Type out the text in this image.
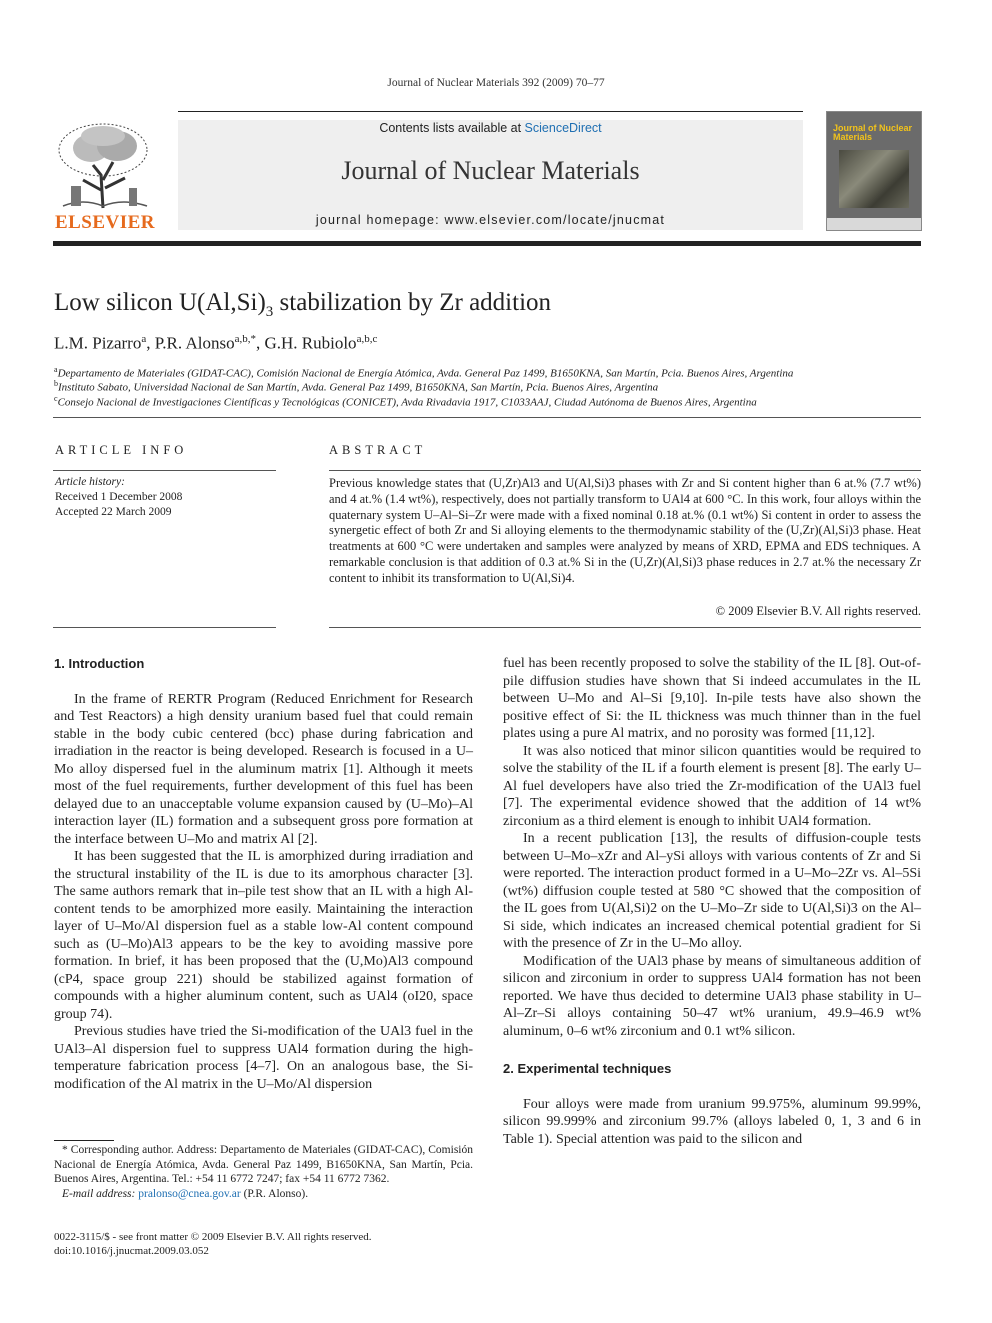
Journal of Nuclear Materials 392 (2009) 70–77
ELSEVIER
Contents lists available at ScienceDirect
Journal of Nuclear Materials
journal homepage: www.elsevier.com/locate/jnucmat
Journal of Nuclear Materials
Low silicon $U(Al,Si)_3$ stabilization by Zr addition
L.M. Pizarro$^a$, P.R. Alonso$^{a,b,*}$, G.H. Rubiolo$^{a,b,c}$
$^a$Departamento de Materiales (GIDAT-CAC), Comisión Nacional de Energía Atómica, Avda. General Paz 1499, B1650KNA, San Martín, Pcia. Buenos Aires, Argentina
$^b$Instituto Sabato, Universidad Nacional de San Martín, Avda. General Paz 1499, B1650KNA, San Martín, Pcia. Buenos Aires, Argentina
$^c$Consejo Nacional de Investigaciones Científicas y Tecnológicas (CONICET), Avda Rivadavia 1917, C1033AAJ, Ciudad Autónoma de Buenos Aires, Argentina
ARTICLE INFO
Article history:
Received 1 December 2008
Accepted 22 March 2009
ABSTRACT
Previous knowledge states that (U,Zr)Al3 and U(Al,Si)3 phases with Zr and Si content higher than 6 at.% (7.7 wt%) and 4 at.% (1.4 wt%), respectively, does not partially transform to UAl4 at 600 °C. In this work, four alloys within the quaternary system U–Al–Si–Zr were made with a fixed nominal 0.18 at.% (0.1 wt%) Si content in order to assess the synergetic effect of both Zr and Si alloying elements to the thermodynamic stability of the (U,Zr)(Al,Si)3 phase. Heat treatments at 600 °C were undertaken and samples were analyzed by means of XRD, EPMA and EDS techniques. A remarkable conclusion is that addition of 0.3 at.% Si in the (U,Zr)(Al,Si)3 phase reduces in 2.7 at.% the necessary Zr content to inhibit its transformation to U(Al,Si)4.
© 2009 Elsevier B.V. All rights reserved.
1. Introduction

In the frame of RERTR Program (Reduced Enrichment for Research and Test Reactors) a high density uranium based fuel that could remain stable in the body cubic centered (bcc) phase during fabrication and irradiation in the reactor is being developed. Research is focused in a U–Mo alloy dispersed fuel in the aluminum matrix [1]. Although it meets most of the fuel requirements, further development of this fuel has been delayed due to an unacceptable volume expansion caused by (U–Mo)–Al interaction layer (IL) formation and a subsequent gross pore formation at the interface between U–Mo and matrix Al [2].

It has been suggested that the IL is amorphized during irradiation and the structural instability of the IL is due to its amorphous character [3]. The same authors remark that in–pile test show that an IL with a high Al-content tends to be amorphized more easily. Maintaining the interaction layer of U–Mo/Al dispersion fuel as a stable low-Al content compound such as (U–Mo)Al3 appears to be the key to avoiding massive pore formation. In brief, it has been proposed that the (U,Mo)Al3 compound (cP4, space group 221) should be stabilized against formation of compounds with a higher aluminum content, such as UAl4 (oI20, space group 74).

Previous studies have tried the Si-modification of the UAl3 fuel in the UAl3–Al dispersion fuel to suppress UAl4 formation during the high-temperature fabrication process [4–7]. On an analogous base, the Si-modification of the Al matrix in the U–Mo/Al dispersion

* Corresponding author. Address: Departamento de Materiales (GIDAT-CAC), Comisión Nacional de Energía Atómica, Avda. General Paz 1499, B1650KNA, San Martín, Pcia. Buenos Aires, Argentina. Tel.: +54 11 6772 7247; fax +54 11 6772 7362.
E-mail address: pralonso@cnea.gov.ar (P.R. Alonso).
0022-3115/$ - see front matter © 2009 Elsevier B.V. All rights reserved.
doi:10.1016/j.jnucmat.2009.03.052

fuel has been recently proposed to solve the stability of the IL [8]. Out-of-pile diffusion studies have shown that Si indeed accumulates in the IL between U–Mo and Al–Si [9,10]. In-pile tests have also shown the positive effect of Si: the IL thickness was much thinner than in the fuel plates using a pure Al matrix, and no porosity was formed [11,12].

It was also noticed that minor silicon quantities would be required to solve the stability of the IL if a fourth element is present [8]. The early U–Al fuel developers have also tried the Zr-modification of the UAl3 fuel [7]. The experimental evidence showed that the addition of 14 wt% zirconium as a third element is enough to inhibit UAl4 formation.

In a recent publication [13], the results of diffusion-couple tests between U–Mo–xZr and Al–ySi alloys with various contents of Zr and Si were reported. The interaction product formed in a U–Mo–2Zr vs. Al–5Si (wt%) diffusion couple tested at 580 °C showed that the composition of the IL goes from U(Al,Si)2 on the U–Mo–Zr side to U(Al,Si)3 on the Al–Si side, which indicates an increased chemical potential gradient for Si with the presence of Zr in the U–Mo alloy.

Modification of the UAl3 phase by means of simultaneous addition of silicon and zirconium in order to suppress UAl4 formation has not been reported. We have thus decided to determine UAl3 phase stability in U–Al–Zr–Si alloys containing 50–47 wt% uranium, 49.9–46.9 wt% aluminum, 0–6 wt% zirconium and 0.1 wt% silicon.

2. Experimental techniques

Four alloys were made from uranium 99.975%, aluminum 99.99%, silicon 99.999% and zirconium 99.7% (alloys labeled 0, 1, 3 and 6 in Table 1). Special attention was paid to the silicon and
